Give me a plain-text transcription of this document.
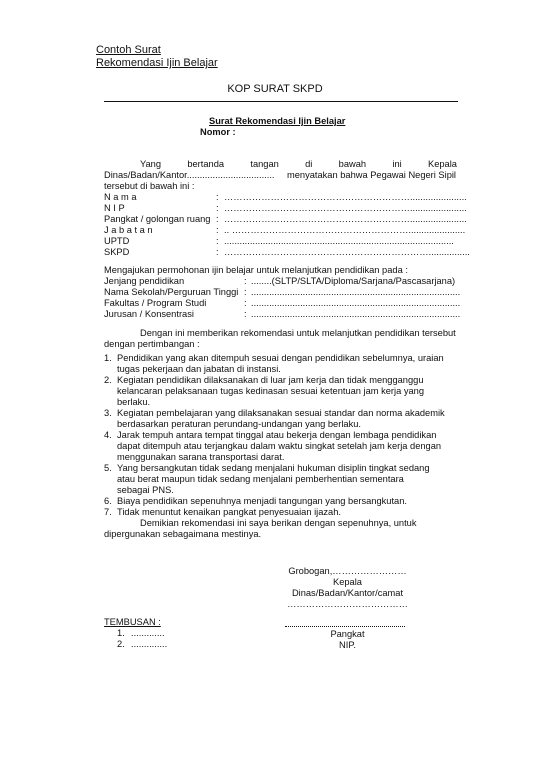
Contoh Surat
Rekomendasi Ijin Belajar
KOP SURAT SKPD
Surat Rekomendasi Ijin Belajar
Nomor :
Yang	bertanda	tangan	di	bawah	ini	Kepala
Dinas/Badan/Kantor.................................. menyatakan bahwa Pegawai Negeri Sipil
tersebut di bawah ini :
N a m a	: ……………………………………………………......................
N I P	: ……………………………………………………......................
Pangkat / golongan ruang : ……………………………………………………......................
J a b a t a n	: .. …………………………………………………......................
UPTD	: .........................................................................................
SKPD	: …………………………………………………………................
Mengajukan permohonan ijin belajar untuk melanjutkan pendidikan pada :
Jenjang pendidikan	: ........(SLTP/SLTA/Diploma/Sarjana/Pascasarjana)
Nama Sekolah/Perguruan Tinggi : .................................................................................
Fakultas / Program Studi	: .................................................................................
Jurusan / Konsentrasi	: .................................................................................
Dengan ini memberikan rekomendasi untuk melanjutkan pendidikan tersebut
dengan pertimbangan :
1. Pendidikan yang akan ditempuh sesuai dengan pendidikan sebelumnya, uraian
tugas pekerjaan dan jabatan di instansi.
2. Kegiatan pendidikan dilaksanakan di luar jam kerja dan tidak mengganggu
kelancaran pelaksanaan tugas kedinasan sesuai ketentuan jam kerja yang
berlaku.
3. Kegiatan pembelajaran yang dilaksanakan sesuai standar dan norma akademik
berdasarkan peraturan perundang-undangan yang berlaku.
4. Jarak tempuh antara tempat tinggal atau bekerja dengan lembaga pendidikan
dapat ditempuh atau terjangkau dalam waktu singkat setelah jam kerja dengan
menggunakan sarana transportasi darat.
5. Yang bersangkutan tidak sedang menjalani hukuman disiplin tingkat sedang
atau berat maupun tidak sedang menjalani pemberhentian sementara
sebagai PNS.
6. Biaya pendidikan sepenuhnya menjadi tangungan yang bersangkutan.
7. Tidak menuntut kenaikan pangkat penyesuaian ijazah.
Demikian rekomendasi ini saya berikan dengan sepenuhnya, untuk
dipergunakan sebagaimana mestinya.
Grobogan,……………………
Kepala
Dinas/Badan/Kantor/camat
…………………………………
Pangkat
NIP.
TEMBUSAN :
1. .............
2. ..............
